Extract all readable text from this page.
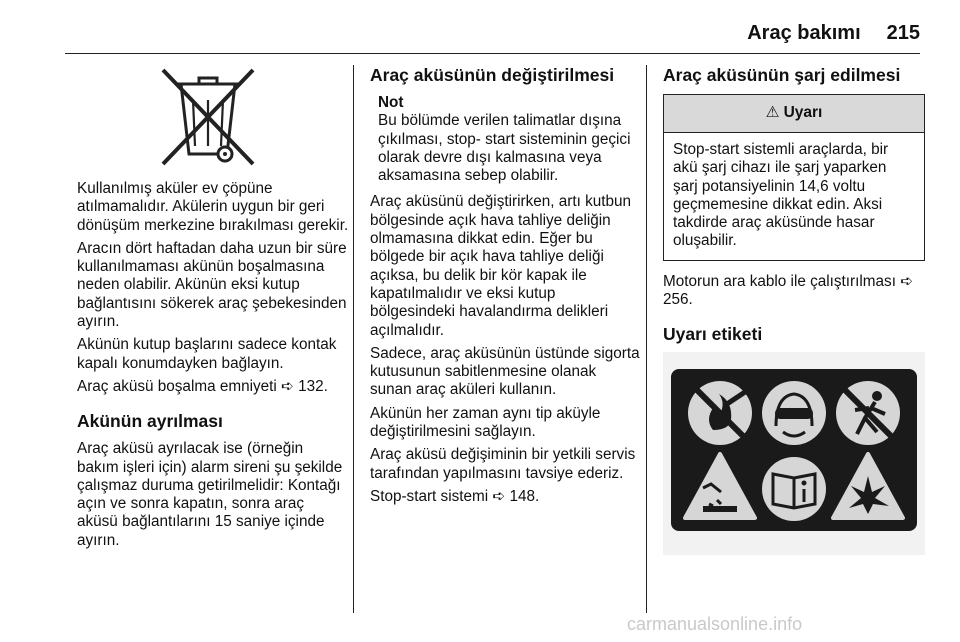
Araç bakımı 215

Kullanılmış aküler ev çöpüne atılmamalıdır. Akülerin uygun bir geri dönüşüm merkezine bırakılması gerekir.

Aracın dört haftadan daha uzun bir süre kullanılmaması akünün boşalmasına neden olabilir. Akünün eksi kutup bağlantısını sökerek araç şebekesinden ayırın.

Akünün kutup başlarını sadece kontak kapalı konumdayken bağlayın.

Araç aküsü boşalma emniyeti ➪ 132.

Akünün ayrılması

Araç aküsü ayrılacak ise (örneğin bakım işleri için) alarm sireni şu şekilde çalışmaz duruma getirilmelidir: Kontağı açın ve sonra kapatın, sonra araç aküsü bağlantılarını 15 saniye içinde ayırın.

Araç aküsünün değiştirilmesi
Not
Bu bölümde verilen talimatlar dışına çıkılması, stop- start sisteminin geçici olarak devre dışı kalmasına veya aksamasına sebep olabilir.

Araç aküsünü değiştirirken, artı kutbun bölgesinde açık hava tahliye deliğin olmamasına dikkat edin. Eğer bu bölgede bir açık hava tahliye deliği açıksa, bu delik bir kör kapak ile kapatılmalıdır ve eksi kutup bölgesindeki havalandırma delikleri açılmalıdır.

Sadece, araç aküsünün üstünde sigorta kutusunun sabitlenmesine olanak sunan araç aküleri kullanın.

Akünün her zaman aynı tip aküyle değiştirilmesini sağlayın.

Araç aküsü değişiminin bir yetkili servis tarafından yapılmasını tavsiye ederiz.

Stop-start sistemi ➪ 148.

Araç aküsünün şarj edilmesi
⚠ Uyarı
Stop-start sistemli araçlarda, bir akü şarj cihazı ile şarj yaparken şarj potansiyelinin 14,6 voltu geçmemesine dikkat edin. Aksi takdirde araç aküsünde hasar oluşabilir.

Motorun ara kablo ile çalıştırılması ➪ 256.

Uyarı etiketi
carmanualsonline.info
